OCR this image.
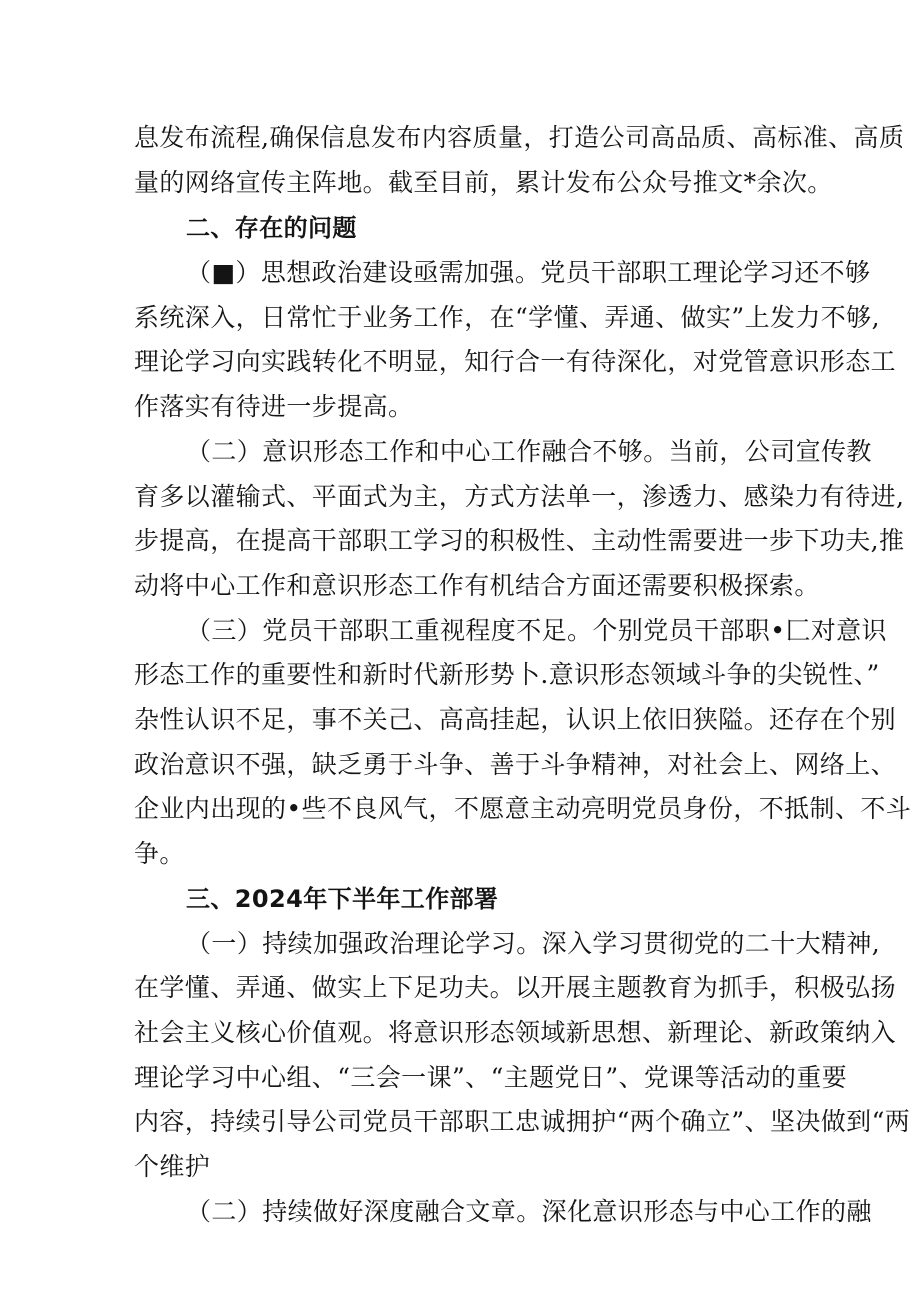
息发布流程,确保信息发布内容质量，打造公司高品质、高标准、高质
量的网络宣传主阵地。截至目前，累计发布公众号推文*余次。
二、存在的问题
（■）思想政治建设亟需加强。党员干部职工理论学习还不够
系统深入，日常忙于业务工作，在“学懂、弄通、做实”上发力不够,
理论学习向实践转化不明显，知行合一有待深化，对党管意识形态工
作落实有待进一步提高。
（二）意识形态工作和中心工作融合不够。当前，公司宣传教
育多以灌输式、平面式为主，方式方法单一，渗透力、感染力有待进,
步提高，在提高干部职工学习的积极性、主动性需要进一步下功夫,推
动将中心工作和意识形态工作有机结合方面还需要积极探索。
（三）党员干部职工重视程度不足。个别党员干部职•匚对意识
形态工作的重要性和新时代新形势卜.意识形态领域斗争的尖锐性、”
杂性认识不足，事不关己、高高挂起，认识上依旧狭隘。还存在个别
政治意识不强，缺乏勇于斗争、善于斗争精神，对社会上、网络上、
企业内出现的•些不良风气，不愿意主动亮明党员身份，不抵制、不斗
争。
三、2024年下半年工作部署
（一）持续加强政治理论学习。深入学习贯彻党的二十大精神,
在学懂、弄通、做实上下足功夫。以开展主题教育为抓手，积极弘扬
社会主义核心价值观。将意识形态领域新思想、新理论、新政策纳入
理论学习中心组、“三会一课”、“主题党日”、党课等活动的重要
内容，持续引导公司党员干部职工忠诚拥护“两个确立”、坚决做到“两
个维护
（二）持续做好深度融合文章。深化意识形态与中心工作的融
